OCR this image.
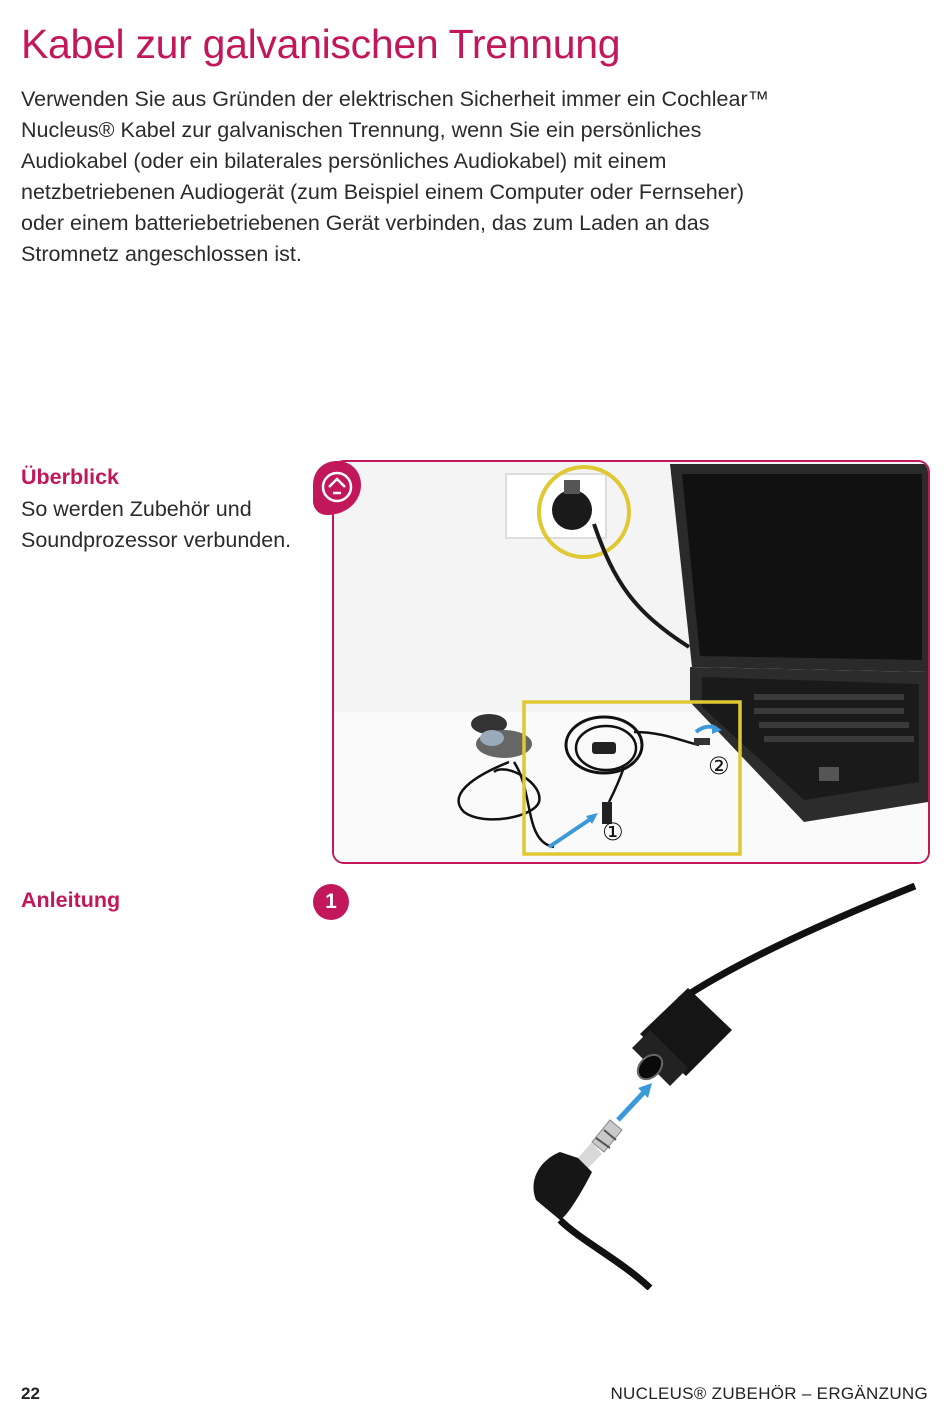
Kabel zur galvanischen Trennung

Verwenden Sie aus Gründen der elektrischen Sicherheit immer ein Cochlear™ Nucleus® Kabel zur galvanischen Trennung, wenn Sie ein persönliches Audiokabel (oder ein bilaterales persönliches Audiokabel) mit einem netzbetriebenen Audiogerät (zum Beispiel einem Computer oder Fernseher) oder einem batteriebetriebenen Gerät verbinden, das zum Laden an das Stromnetz angeschlossen ist.

Überblick
So werden Zubehör und Soundprozessor verbunden.
①
②
Anleitung	1
22	NUCLEUS® ZUBEHÖR – ERGÄNZUNG
